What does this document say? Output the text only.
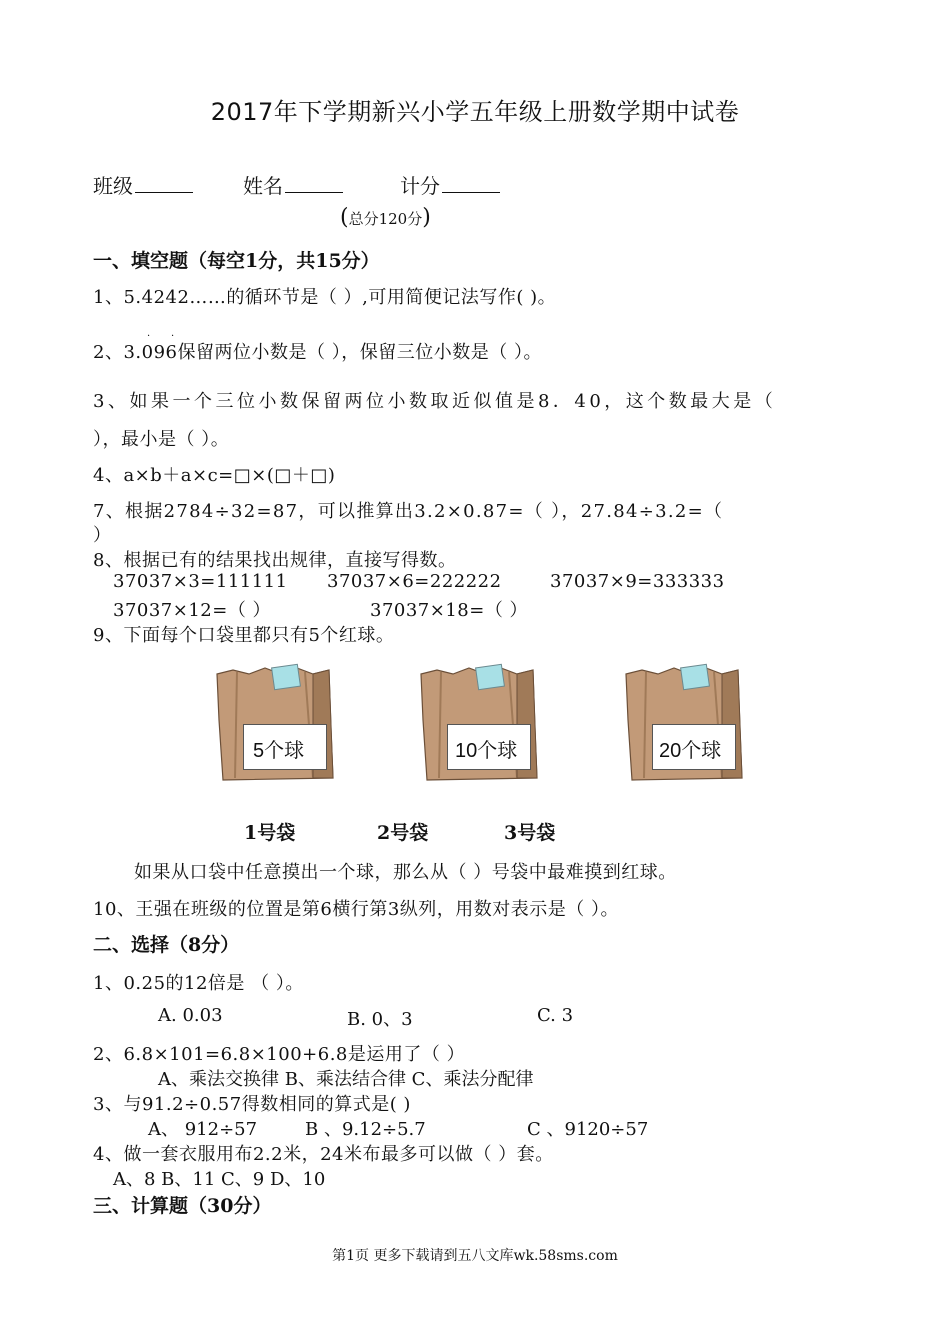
2017年下学期新兴小学五年级上册数学期中试卷
班级	姓名	计分
(总分120分)
一、填空题（每空1分，共15分）
1、5.4242……的循环节是（ ）,可用简便记法写作( )。
· ·
2、3.096保留两位小数是（ ），保留三位小数是（ ）。
3、如果一个三位小数保留两位小数取近似值是8．40，这个数最大是（
），最小是（ ）。
4、a×b＋a×c=□×(□＋□)
7、根据2784÷32=87，可以推算出3.2×0.87=（ ），27.84÷3.2=（
）
8、根据已有的结果找出规律，直接写得数。
37037×3=111111 37037×6=222222	37037×9=333333
37037×12=（ ）	37037×18=（ ）
9、下面每个口袋里都只有5个红球。
5个球	10个球	20个球
1号袋	2号袋	3号袋
如果从口袋中任意摸出一个球，那么从（ ）号袋中最难摸到红球。
10、王强在班级的位置是第6横行第3纵列，用数对表示是（ ）。
二、选择（8分）
1、0.25的12倍是 （ ）。
A. 0.03	B. 0、3	C. 3
2、6.8×101=6.8×100+6.8是运用了（ ）
A、乘法交换律 B、乘法结合律 C、乘法分配律
3、与91.2÷0.57得数相同的算式是( )
A、 912÷57	B 、9.12÷5.7	C 、9120÷57
4、做一套衣服用布2.2米，24米布最多可以做（ ）套。
A、8 B、11 C、9 D、10
三、计算题（30分）
第1页 更多下载请到五八文库wk.58sms.com
